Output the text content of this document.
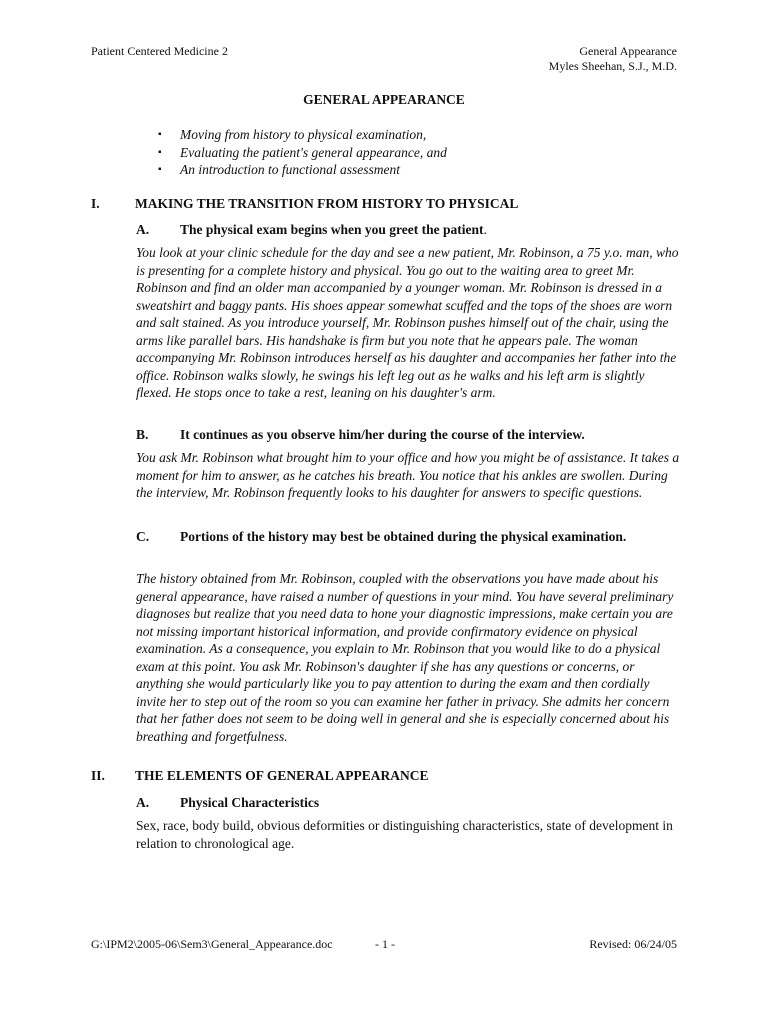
Patient Centered Medicine 2	General Appearance
Myles Sheehan, S.J., M.D.
GENERAL APPEARANCE
▪	Moving from history to physical examination,
▪	Evaluating the patient's general appearance, and
▪	An introduction to functional assessment
I.	MAKING THE TRANSITION FROM HISTORY TO PHYSICAL
A.	The physical exam begins when you greet the patient.
You look at your clinic schedule for the day and see a new patient, Mr. Robinson, a 75 y.o. man, who is presenting for a complete history and physical. You go out to the waiting area to greet Mr. Robinson and find an older man accompanied by a younger woman. Mr. Robinson is dressed in a sweatshirt and baggy pants. His shoes appear somewhat scuffed and the tops of the shoes are worn and salt stained. As you introduce yourself, Mr. Robinson pushes himself out of the chair, using the arms like parallel bars. His handshake is firm but you note that he appears pale. The woman accompanying Mr. Robinson introduces herself as his daughter and accompanies her father into the office. Robinson walks slowly, he swings his left leg out as he walks and his left arm is slightly flexed. He stops once to take a rest, leaning on his daughter's arm.
B.	It continues as you observe him/her during the course of the interview.
You ask Mr. Robinson what brought him to your office and how you might be of assistance. It takes a moment for him to answer, as he catches his breath. You notice that his ankles are swollen. During the interview, Mr. Robinson frequently looks to his daughter for answers to specific questions.
C.	Portions of the history may best be obtained during the physical examination.
The history obtained from Mr. Robinson, coupled with the observations you have made about his general appearance, have raised a number of questions in your mind. You have several preliminary diagnoses but realize that you need data to hone your diagnostic impressions, make certain you are not missing important historical information, and provide confirmatory evidence on physical examination. As a consequence, you explain to Mr. Robinson that you would like to do a physical exam at this point. You ask Mr. Robinson's daughter if she has any questions or concerns, or anything she would particularly like you to pay attention to during the exam and then cordially invite her to step out of the room so you can examine her father in privacy. She admits her concern that her father does not seem to be doing well in general and she is especially concerned about his breathing and forgetfulness.
II.	THE ELEMENTS OF GENERAL APPEARANCE
A.	Physical Characteristics
Sex, race, body build, obvious deformities or distinguishing characteristics, state of development in relation to chronological age.
G:\IPM2\2005-06\Sem3\General_Appearance.doc	- 1 -	Revised: 06/24/05
